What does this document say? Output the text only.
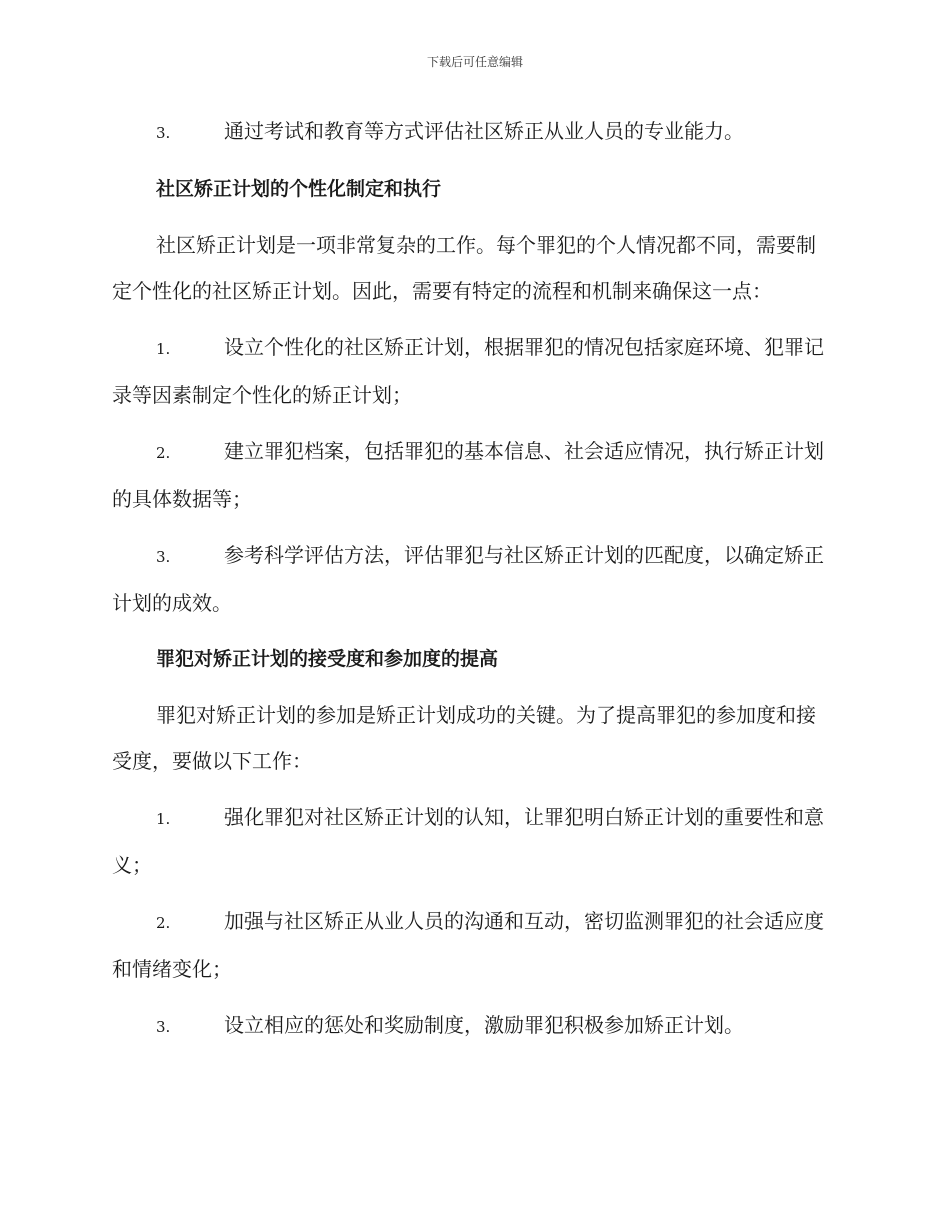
下载后可任意编辑

3.	通过考试和教育等方式评估社区矫正从业人员的专业能力。

社区矫正计划的个性化制定和执行

社区矫正计划是一项非常复杂的工作。每个罪犯的个人情况都不同，需要制定个性化的社区矫正计划。因此，需要有特定的流程和机制来确保这一点：

1.	设立个性化的社区矫正计划，根据罪犯的情况包括家庭环境、犯罪记录等因素制定个性化的矫正计划；

2.	建立罪犯档案，包括罪犯的基本信息、社会适应情况，执行矫正计划的具体数据等；

3.	参考科学评估方法，评估罪犯与社区矫正计划的匹配度，以确定矫正计划的成效。

罪犯对矫正计划的接受度和参加度的提高

罪犯对矫正计划的参加是矫正计划成功的关键。为了提高罪犯的参加度和接受度，要做以下工作：

1.	强化罪犯对社区矫正计划的认知，让罪犯明白矫正计划的重要性和意义；

2.	加强与社区矫正从业人员的沟通和互动，密切监测罪犯的社会适应度和情绪变化；

3.	设立相应的惩处和奖励制度，激励罪犯积极参加矫正计划。
